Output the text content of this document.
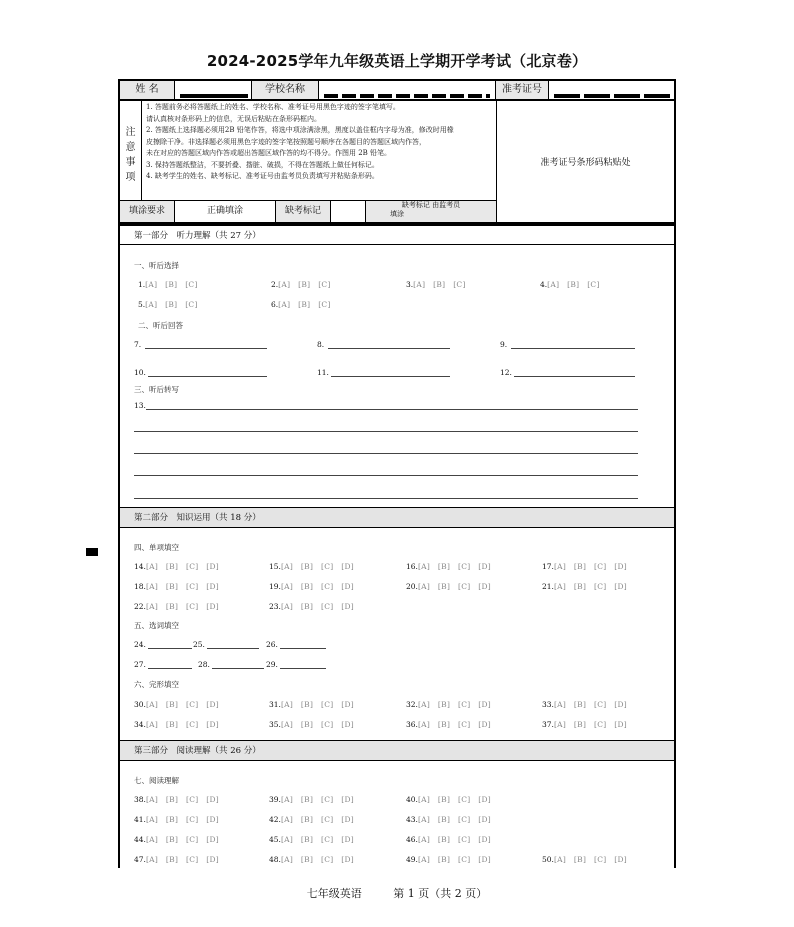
2024-2025学年九年级英语上学期开学考试（北京卷）
姓 名	学校名称	准考证号
注
意
事
项
1. 答题前务必将答题纸上的姓名、学校名称、准考证号用黑色字迹的签字笔填写。
请认真核对条形码上的信息，无误后粘贴在条形码框内。
2. 答题纸上选择题必须用2B 铅笔作答，将选中项涂满涂黑，黑度以盖住框内字母为准，修改时用橡
皮擦除干净。非选择题必须用黑色字迹的签字笔按照题号顺序在各题目的答题区域内作答，
未在对应的答题区域内作答或超出答题区域作答的均不得分。作图用 2B 铅笔。
3. 保持答题纸整洁，不要折叠、揩脏、破损，不得在答题纸上做任何标记。
4. 缺考学生的姓名、缺考标记、准考证号由监考员负责填写并粘贴条形码。
准考证号条形码粘贴处
填涂要求	正确填涂	缺考标记
缺考标记 由监考员
填涂
第一部分　听力理解（共 27 分）
一、听后选择
1.[A]　[B]　[C]	2.[A]　[B]　[C]	3.[A]　[B]　[C]	4.[A]　[B]　[C]
5.[A]　[B]　[C]	6.[A]　[B]　[C]
二、听后回答
7.	8.	9.
10.	11.	12.
三、听后转写
13.
第二部分　知识运用（共 18 分）
四、单项填空
14.[A]　[B]　[C]　[D]	15.[A]　[B]　[C]　[D]	16.[A]　[B]　[C]　[D]	17.[A]　[B]　[C]　[D]
18.[A]　[B]　[C]　[D]	19.[A]　[B]　[C]　[D]	20.[A]　[B]　[C]　[D]	21.[A]　[B]　[C]　[D]
22.[A]　[B]　[C]　[D]	23.[A]　[B]　[C]　[D]
五、选词填空
24.	25.	26.
27.	28.	29.
六、完形填空
30.[A]　[B]　[C]　[D]	31.[A]　[B]　[C]　[D]	32.[A]　[B]　[C]　[D]	33.[A]　[B]　[C]　[D]
34.[A]　[B]　[C]　[D]	35.[A]　[B]　[C]　[D]	36.[A]　[B]　[C]　[D]	37.[A]　[B]　[C]　[D]
第三部分　阅读理解（共 26 分）
七、阅读理解
38.[A]　[B]　[C]　[D]	39.[A]　[B]　[C]　[D]	40.[A]　[B]　[C]　[D]
41.[A]　[B]　[C]　[D]	42.[A]　[B]　[C]　[D]	43.[A]　[B]　[C]　[D]
44.[A]　[B]　[C]　[D]	45.[A]　[B]　[C]　[D]	46.[A]　[B]　[C]　[D]
47.[A]　[B]　[C]　[D]	48.[A]　[B]　[C]　[D]	49.[A]　[B]　[C]　[D]	50.[A]　[B]　[C]　[D]
七年级英语	第 1 页（共 2 页）
